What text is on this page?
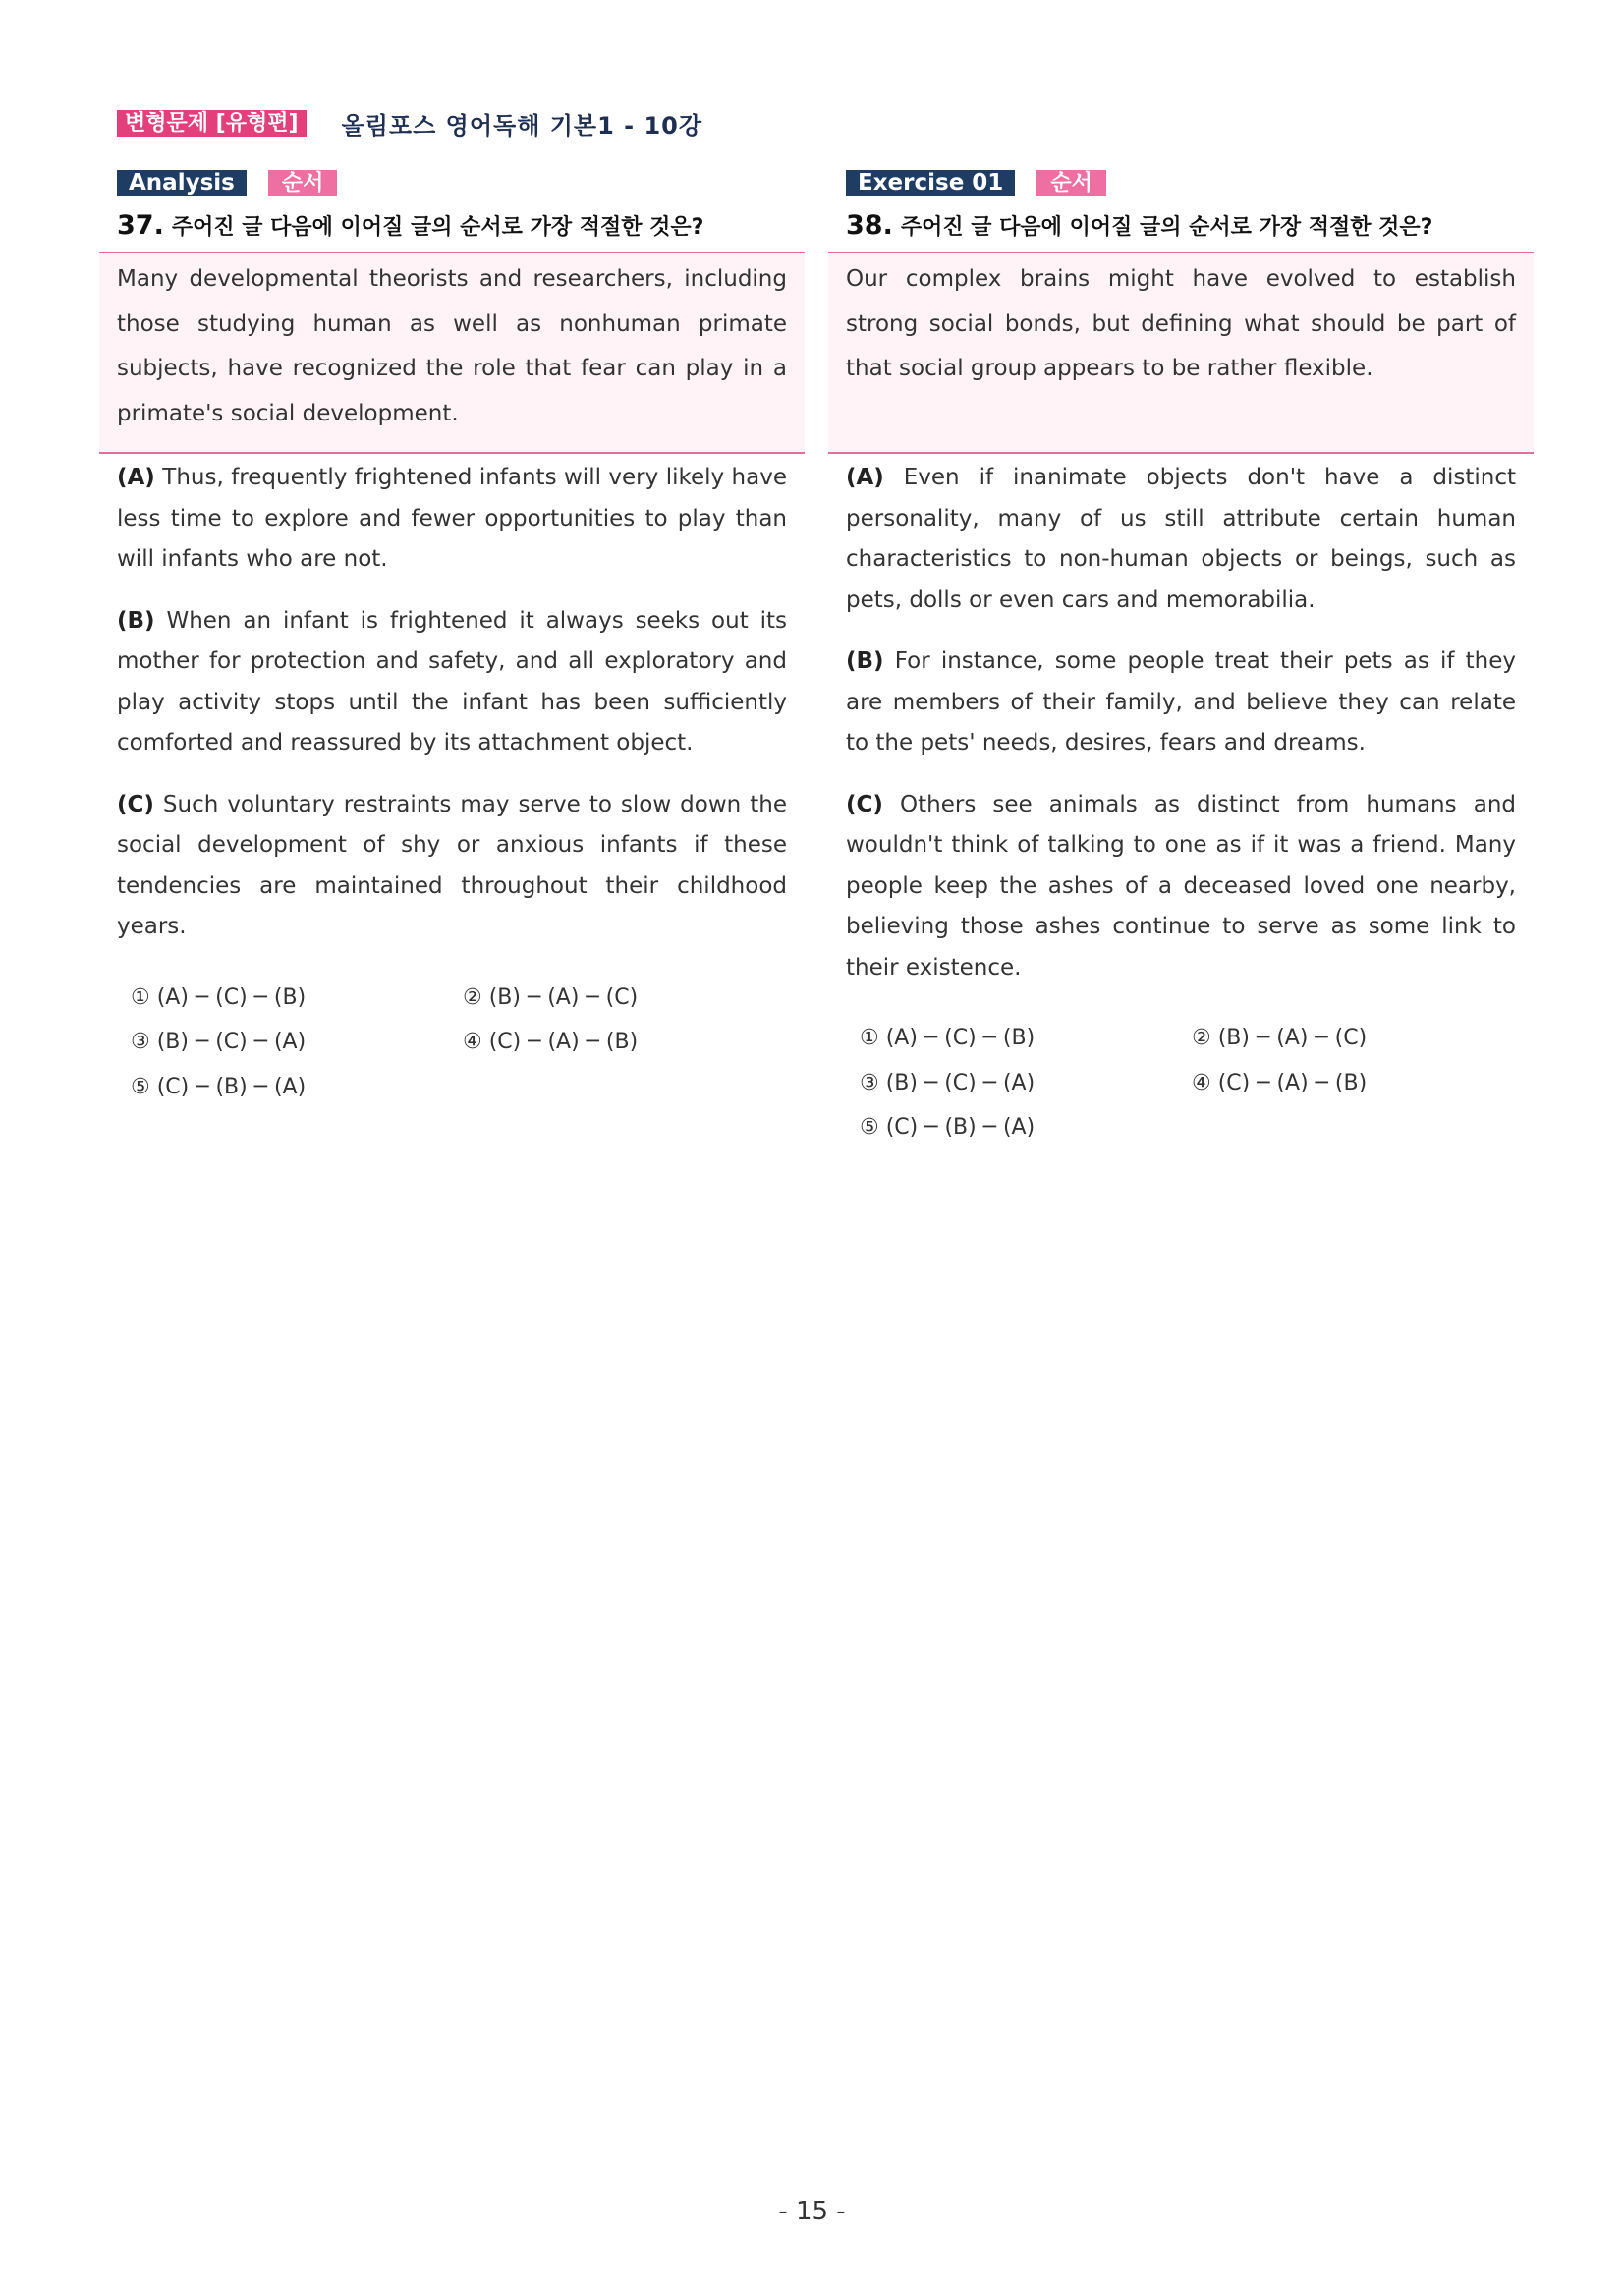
변형문제 [유형편]	올림포스 영어독해 기본1 - 10강
Analysis	순서
37. 주어진 글 다음에 이어질 글의 순서로 가장 적절한 것은?
Many developmental theorists and researchers, including those studying human as well as nonhuman primate subjects, have recognized the role that fear can play in a primate's social development.
(A) Thus, frequently frightened infants will very likely have less time to explore and fewer opportunities to play than will infants who are not.
(B) When an infant is frightened it always seeks out its mother for protection and safety, and all exploratory and play activity stops until the infant has been sufficiently comforted and reassured by its attachment object.
(C) Such voluntary restraints may serve to slow down the social development of shy or anxious infants if these tendencies are maintained throughout their childhood years.
① (A) ─ (C) ─ (B)	② (B) ─ (A) ─ (C)
③ (B) ─ (C) ─ (A)	④ (C) ─ (A) ─ (B)
⑤ (C) ─ (B) ─ (A)
Exercise 01	순서
38. 주어진 글 다음에 이어질 글의 순서로 가장 적절한 것은?
Our complex brains might have evolved to establish strong social bonds, but defining what should be part of that social group appears to be rather flexible.
(A) Even if inanimate objects don't have a distinct personality, many of us still attribute certain human characteristics to non-human objects or beings, such as pets, dolls or even cars and memorabilia.
(B) For instance, some people treat their pets as if they are members of their family, and believe they can relate to the pets' needs, desires, fears and dreams.
(C) Others see animals as distinct from humans and wouldn't think of talking to one as if it was a friend. Many people keep the ashes of a deceased loved one nearby, believing those ashes continue to serve as some link to their existence.
① (A) ─ (C) ─ (B)	② (B) ─ (A) ─ (C)
③ (B) ─ (C) ─ (A)	④ (C) ─ (A) ─ (B)
⑤ (C) ─ (B) ─ (A)
- 15 -
